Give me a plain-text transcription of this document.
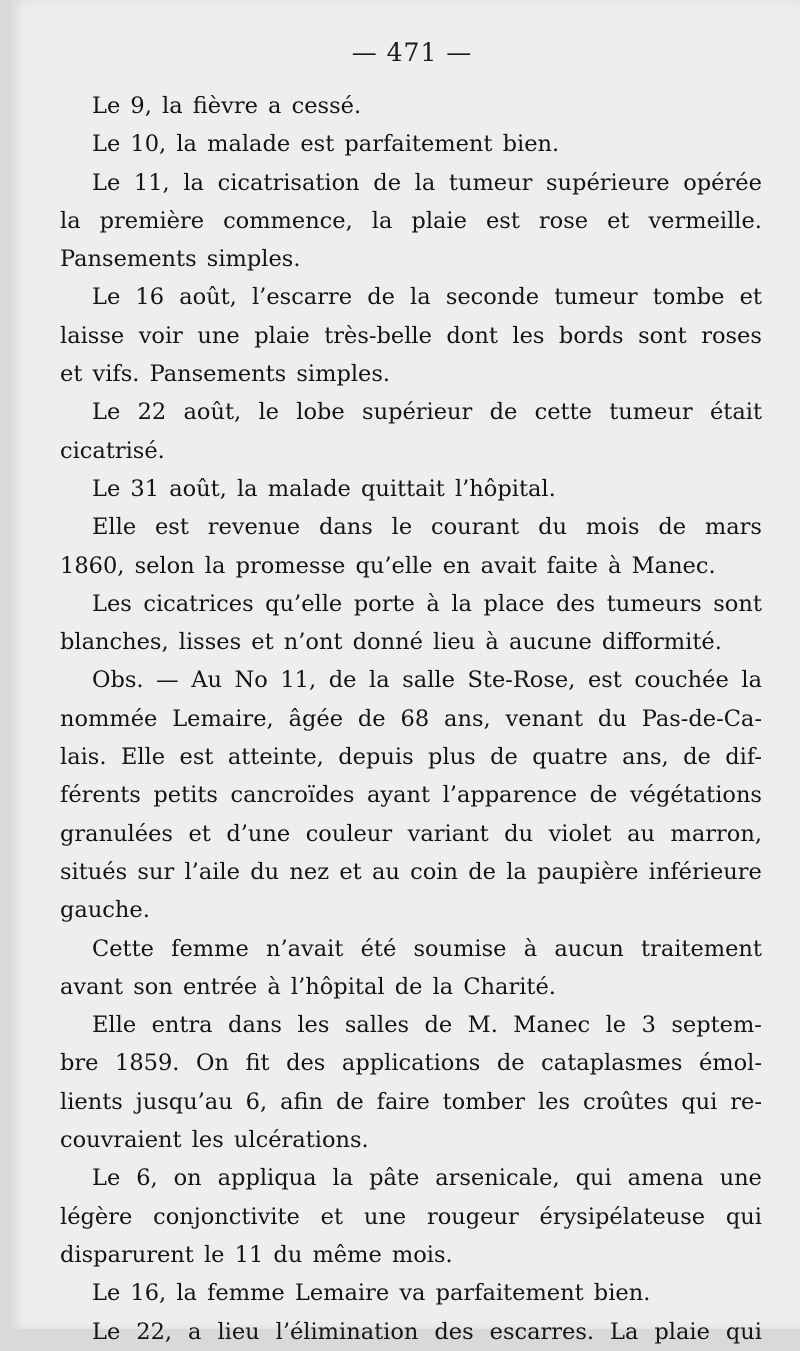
— 471 —
Le 9, la fièvre a cessé.
Le 10, la malade est parfaitement bien.
Le 11, la cicatrisation de la tumeur supérieure opérée
la première commence, la plaie est rose et vermeille.
Pansements simples.
Le 16 août, l’escarre de la seconde tumeur tombe et
laisse voir une plaie très-belle dont les bords sont roses
et vifs. Pansements simples.
Le 22 août, le lobe supérieur de cette tumeur était
cicatrisé.
Le 31 août, la malade quittait l’hôpital.
Elle est revenue dans le courant du mois de mars
1860, selon la promesse qu’elle en avait faite à Manec.
Les cicatrices qu’elle porte à la place des tumeurs sont
blanches, lisses et n’ont donné lieu à aucune difformité.
Obs. — Au No 11, de la salle Ste-Rose, est couchée la
nommée Lemaire, âgée de 68 ans, venant du Pas-de-Ca-
lais. Elle est atteinte, depuis plus de quatre ans, de dif-
férents petits cancroïdes ayant l’apparence de végétations
granulées et d’une couleur variant du violet au marron,
situés sur l’aile du nez et au coin de la paupière inférieure
gauche.
Cette femme n’avait été soumise à aucun traitement
avant son entrée à l’hôpital de la Charité.
Elle entra dans les salles de M. Manec le 3 septem-
bre 1859. On fit des applications de cataplasmes émol-
lients jusqu’au 6, afin de faire tomber les croûtes qui re-
couvraient les ulcérations.
Le 6, on appliqua la pâte arsenicale, qui amena une
légère conjonctivite et une rougeur érysipélateuse qui
disparurent le 11 du même mois.
Le 16, la femme Lemaire va parfaitement bien.
Le 22, a lieu l’élimination des escarres. La plaie qui
